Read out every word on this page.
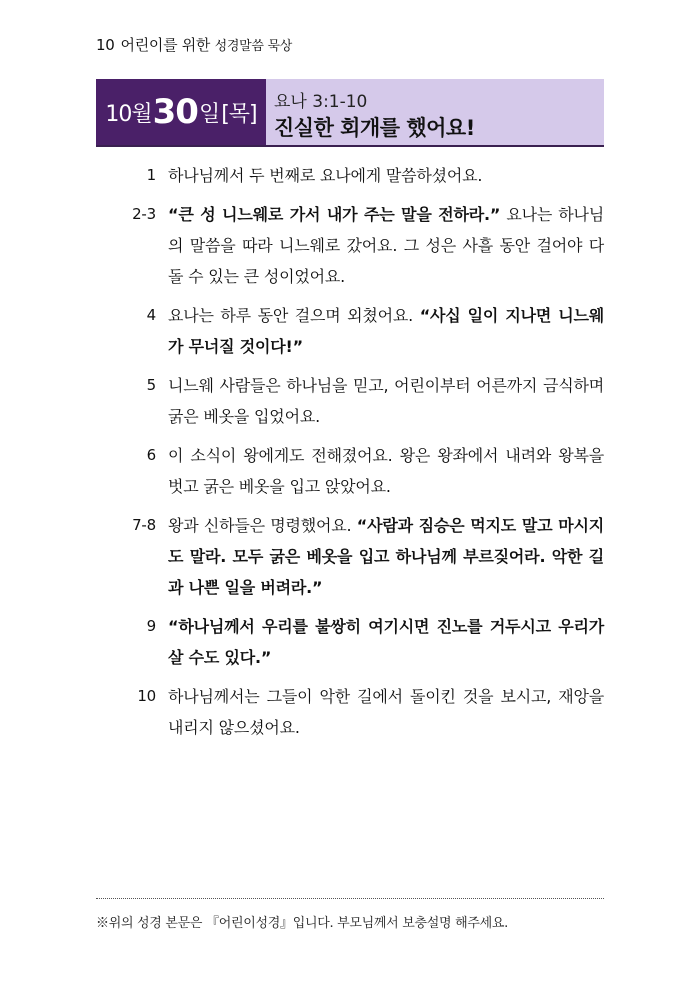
10 어린이를 위한 성경말씀 묵상
10월 30 일 [목] 요나 3:1-10
진실한 회개를 했어요!
1 하나님께서 두 번째로 요나에게 말씀하셨어요.
2-3 “큰 성 니느웨로 가서 내가 주는 말을 전하라.” 요나는 하나님의 말씀을 따라 니느웨로 갔어요. 그 성은 사흘 동안 걸어야 다 돌 수 있는 큰 성이었어요.
4 요나는 하루 동안 걸으며 외쳤어요. “사십 일이 지나면 니느웨가 무너질 것이다!”
5 니느웨 사람들은 하나님을 믿고, 어린이부터 어른까지 금식하며 굵은 베옷을 입었어요.
6 이 소식이 왕에게도 전해졌어요. 왕은 왕좌에서 내려와 왕복을 벗고 굵은 베옷을 입고 앉았어요.
7-8 왕과 신하들은 명령했어요. “사람과 짐승은 먹지도 말고 마시지도 말라. 모두 굵은 베옷을 입고 하나님께 부르짖어라. 악한 길과 나쁜 일을 버려라.”
9 “하나님께서 우리를 불쌍히 여기시면 진노를 거두시고 우리가 살 수도 있다.”
10 하나님께서는 그들이 악한 길에서 돌이킨 것을 보시고, 재앙을 내리지 않으셨어요.
※위의 성경 본문은 『어린이성경』입니다. 부모님께서 보충설명 해주세요.
